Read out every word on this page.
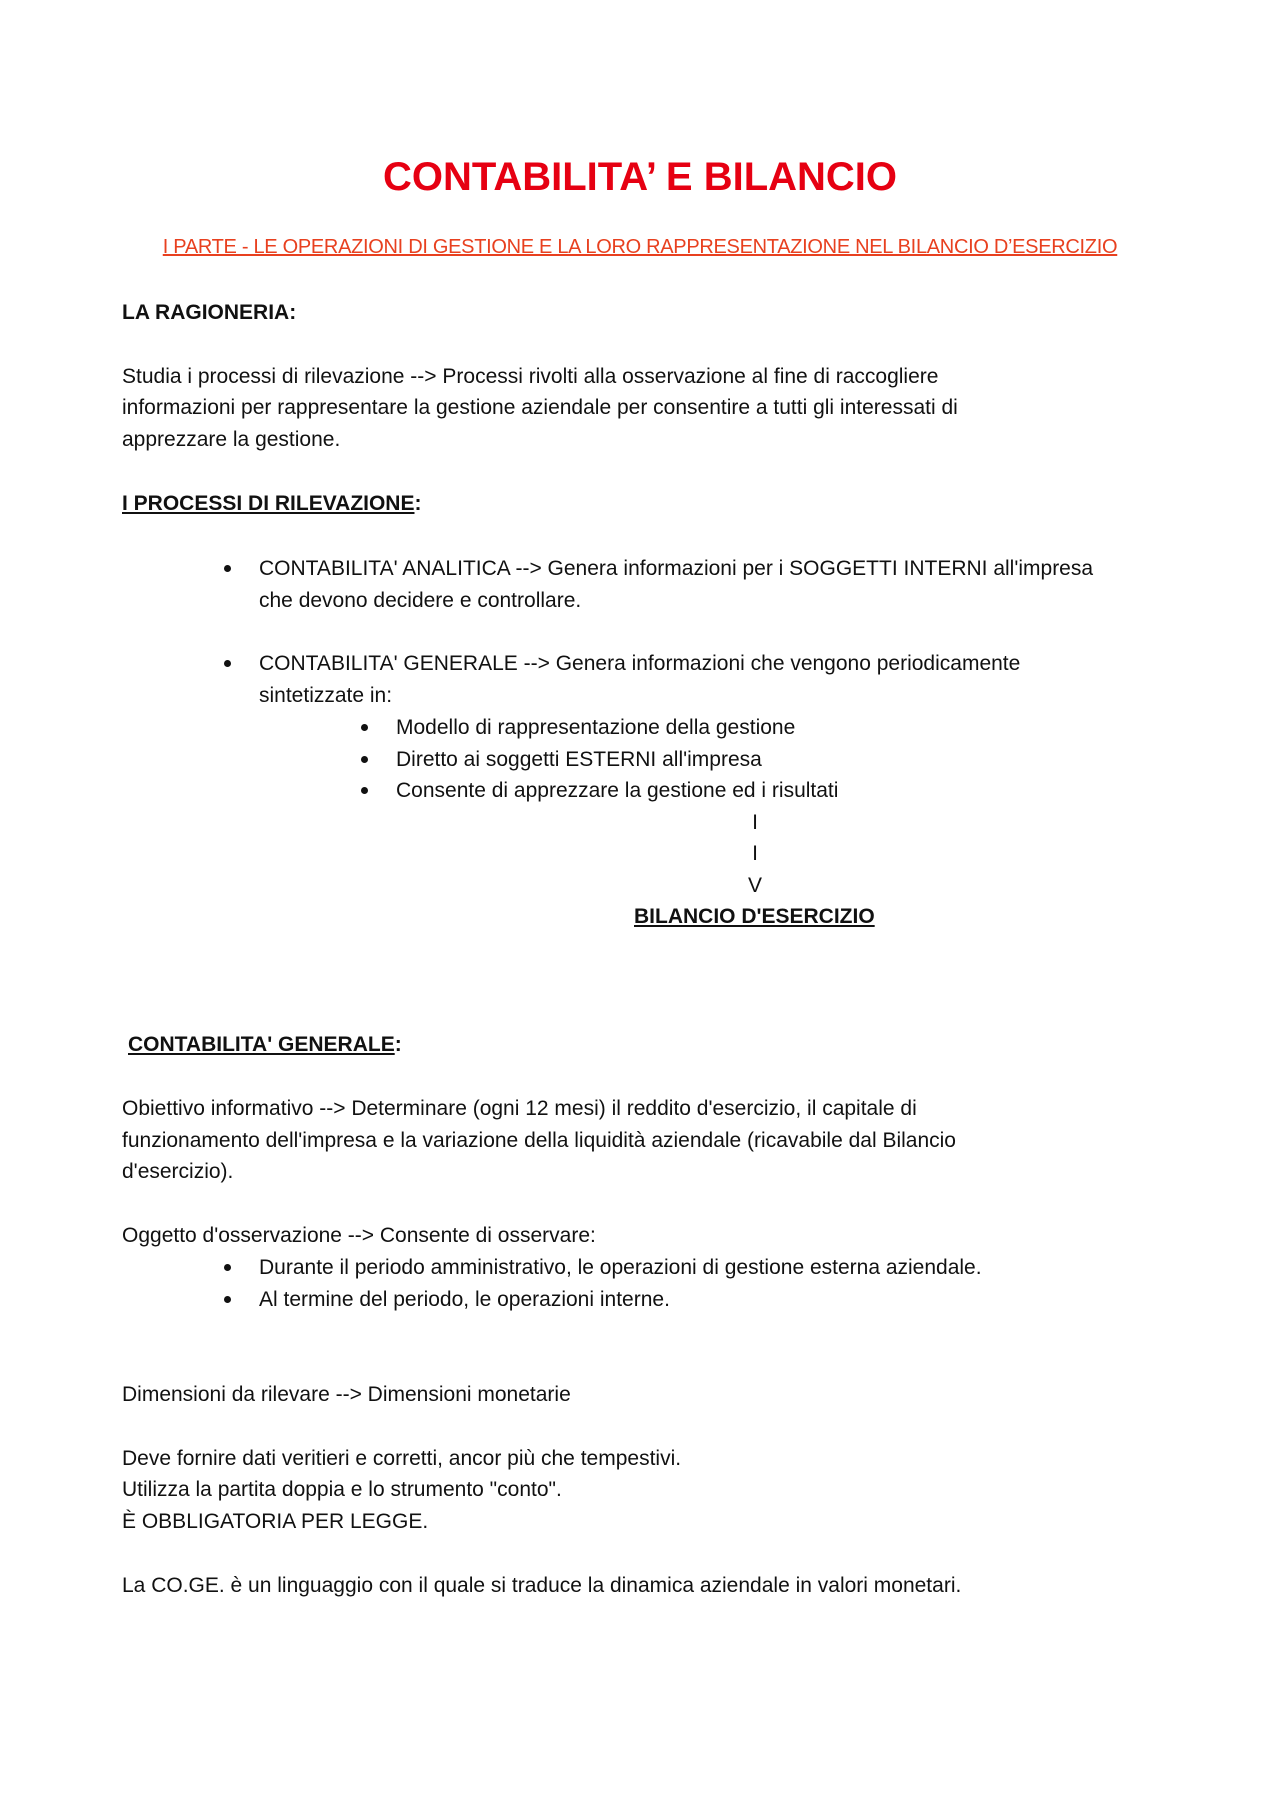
CONTABILITA’ E BILANCIO
I PARTE - LE OPERAZIONI DI GESTIONE E LA LORO RAPPRESENTAZIONE NEL BILANCIO D’ESERCIZIO
LA RAGIONERIA:
Studia i processi di rilevazione --> Processi rivolti alla osservazione al fine di raccogliere
informazioni per rappresentare la gestione aziendale per consentire a tutti gli interessati di
apprezzare la gestione.
I PROCESSI DI RILEVAZIONE:
CONTABILITA' ANALITICA --> Genera informazioni per i SOGGETTI INTERNI all'impresa
che devono decidere e controllare.
CONTABILITA' GENERALE --> Genera informazioni che vengono periodicamente
sintetizzate in:
Modello di rappresentazione della gestione
Diretto ai soggetti ESTERNI all'impresa
Consente di apprezzare la gestione ed i risultati
I
I
V
BILANCIO D'ESERCIZIO
CONTABILITA' GENERALE:
Obiettivo informativo --> Determinare (ogni 12 mesi) il reddito d'esercizio, il capitale di
funzionamento dell'impresa e la variazione della liquidità aziendale (ricavabile dal Bilancio
d'esercizio).
Oggetto d'osservazione --> Consente di osservare:
Durante il periodo amministrativo, le operazioni di gestione esterna aziendale.
Al termine del periodo, le operazioni interne.
Dimensioni da rilevare --> Dimensioni monetarie
Deve fornire dati veritieri e corretti, ancor più che tempestivi.
Utilizza la partita doppia e lo strumento "conto".
È OBBLIGATORIA PER LEGGE.
La CO.GE. è un linguaggio con il quale si traduce la dinamica aziendale in valori monetari.
